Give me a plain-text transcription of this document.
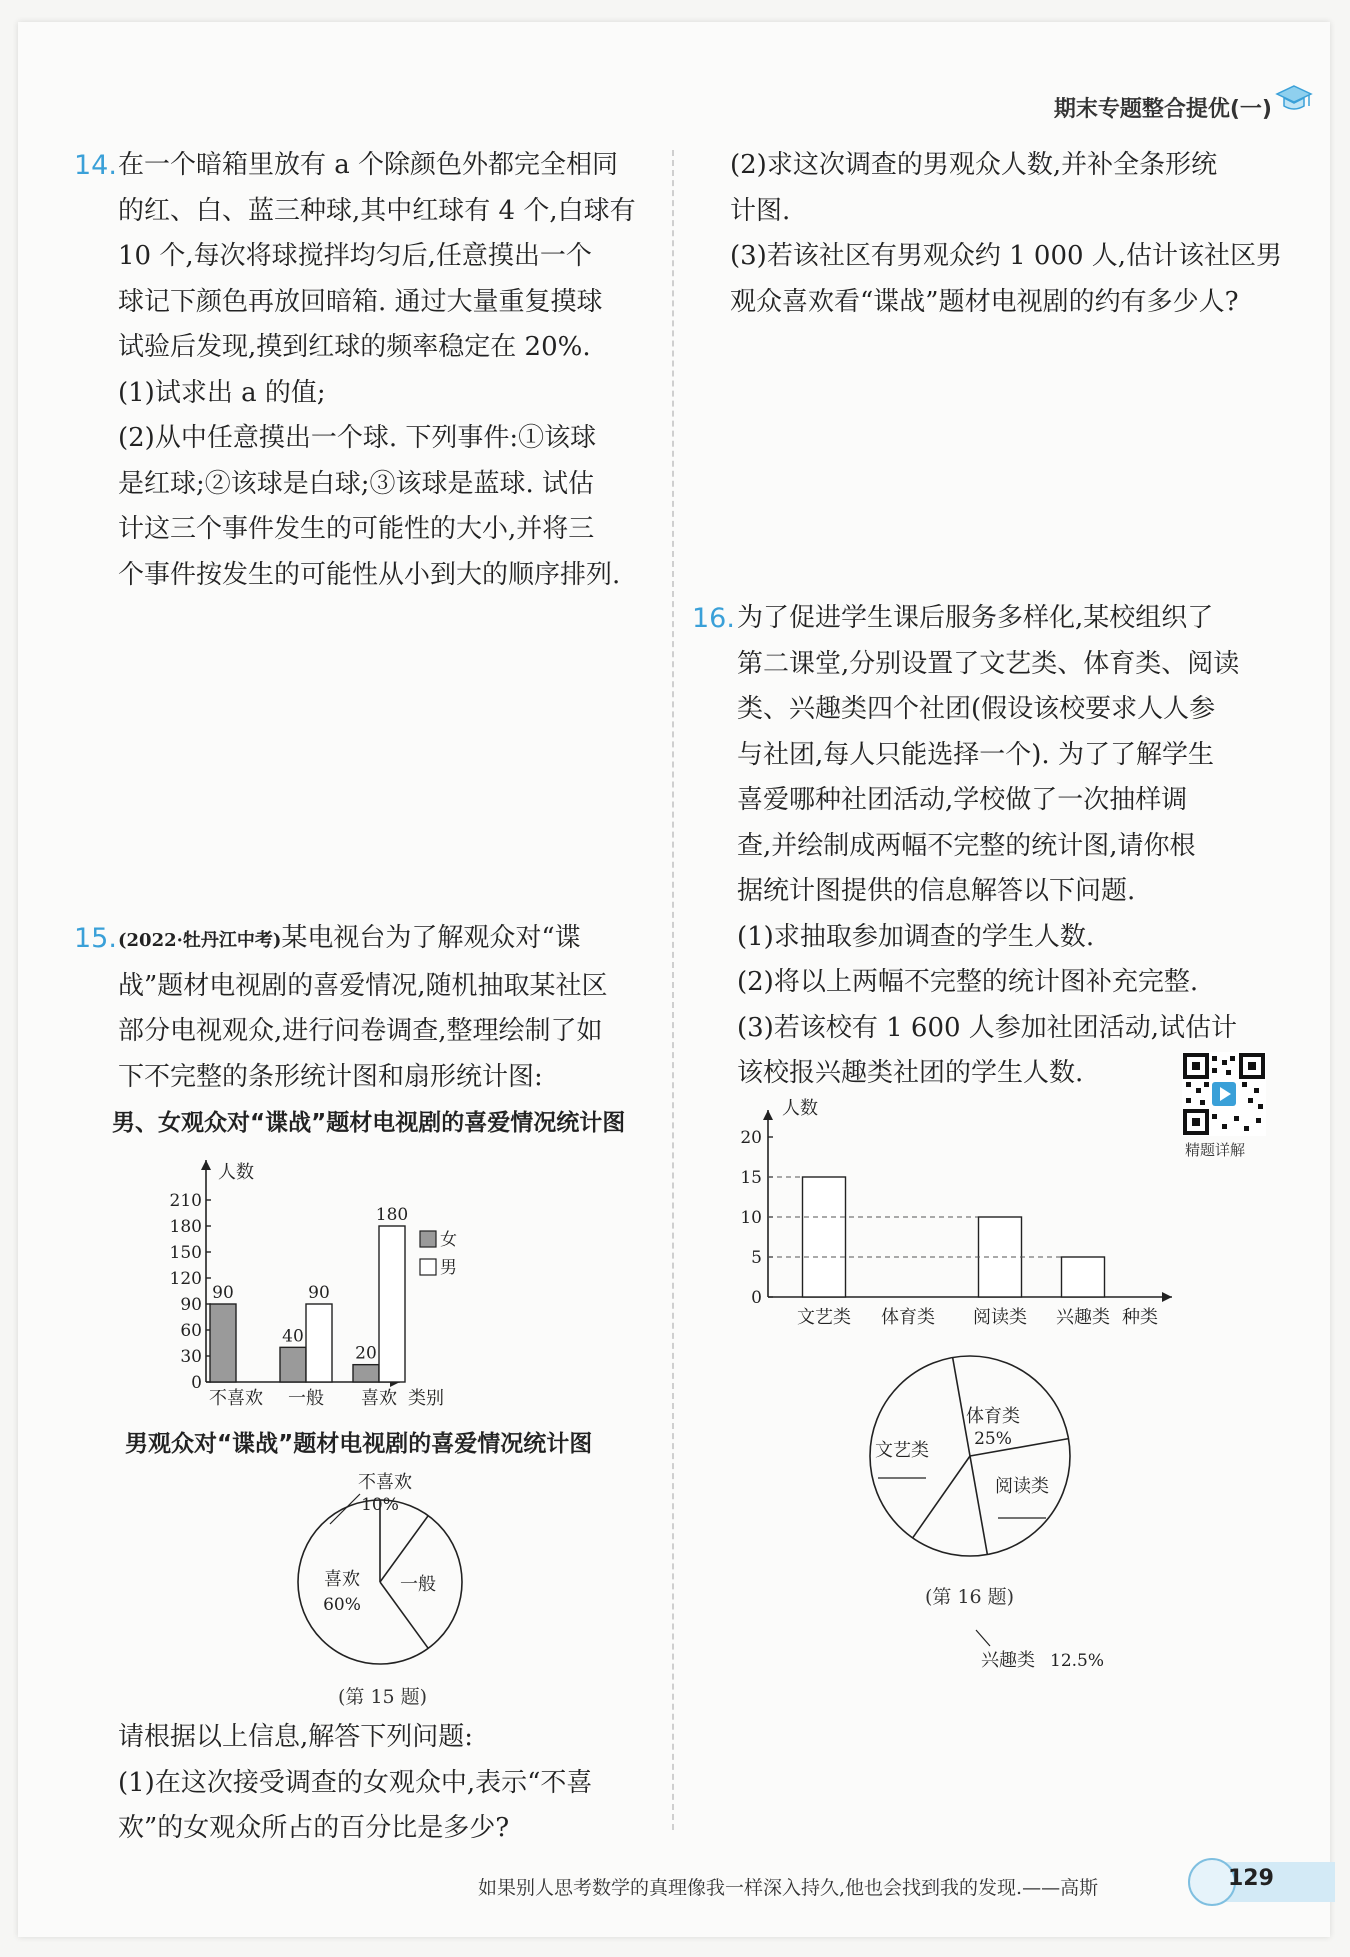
期末专题整合提优(一)
14. 在一个暗箱里放有 a 个除颜色外都完全相同

的红、白、蓝三种球,其中红球有 4 个,白球有

10 个,每次将球搅拌均匀后,任意摸出一个

球记下颜色再放回暗箱. 通过大量重复摸球

试验后发现,摸到红球的频率稳定在 20%.

(1)试求出 a 的值;

(2)从中任意摸出一个球. 下列事件:①该球

是红球;②该球是白球;③该球是蓝球. 试估

计这三个事件发生的可能性的大小,并将三

个事件按发生的可能性从小到大的顺序排列.

15. (2022·牡丹江中考)某电视台为了解观众对“谍

战”题材电视剧的喜爱情况,随机抽取某社区

部分电视观众,进行问卷调查,整理绘制了如

下不完整的条形统计图和扇形统计图:

男、女观众对“谍战”题材电视剧的喜爱情况统计图
人数
类别
0
30
60
90
120
150
180
210
不喜欢
90
一般
40
90
喜欢
20
180
女
男
男观众对“谍战”题材电视剧的喜爱情况统计图
不喜欢
10%
一般
喜欢
60%
(第 15 题)

请根据以上信息,解答下列问题:

(1)在这次接受调查的女观众中,表示“不喜

欢”的女观众所占的百分比是多少?

(2)求这次调查的男观众人数,并补全条形统

计图.

(3)若该社区有男观众约 1 000 人,估计该社区男

观众喜欢看“谍战”题材电视剧的约有多少人?

16. 为了促进学生课后服务多样化,某校组织了

第二课堂,分别设置了文艺类、体育类、阅读

类、兴趣类四个社团(假设该校要求人人参

与社团,每人只能选择一个). 为了了解学生

喜爱哪种社团活动,学校做了一次抽样调

查,并绘制成两幅不完整的统计图,请你根

据统计图提供的信息解答以下问题.

(1)求抽取参加调查的学生人数.

(2)将以上两幅不完整的统计图补充完整.

(3)若该校有 1 600 人参加社团活动,试估计

该校报兴趣类社团的学生人数.

精题详解
人数
种类
0
5
10
15
20
文艺类 体育类 阅读类 兴趣类
体育类
25%
阅读类
兴趣类 12.5%
文艺类
(第 16 题)
如果别人思考数学的真理像我一样深入持久,他也会找到我的发现.——高斯	129
